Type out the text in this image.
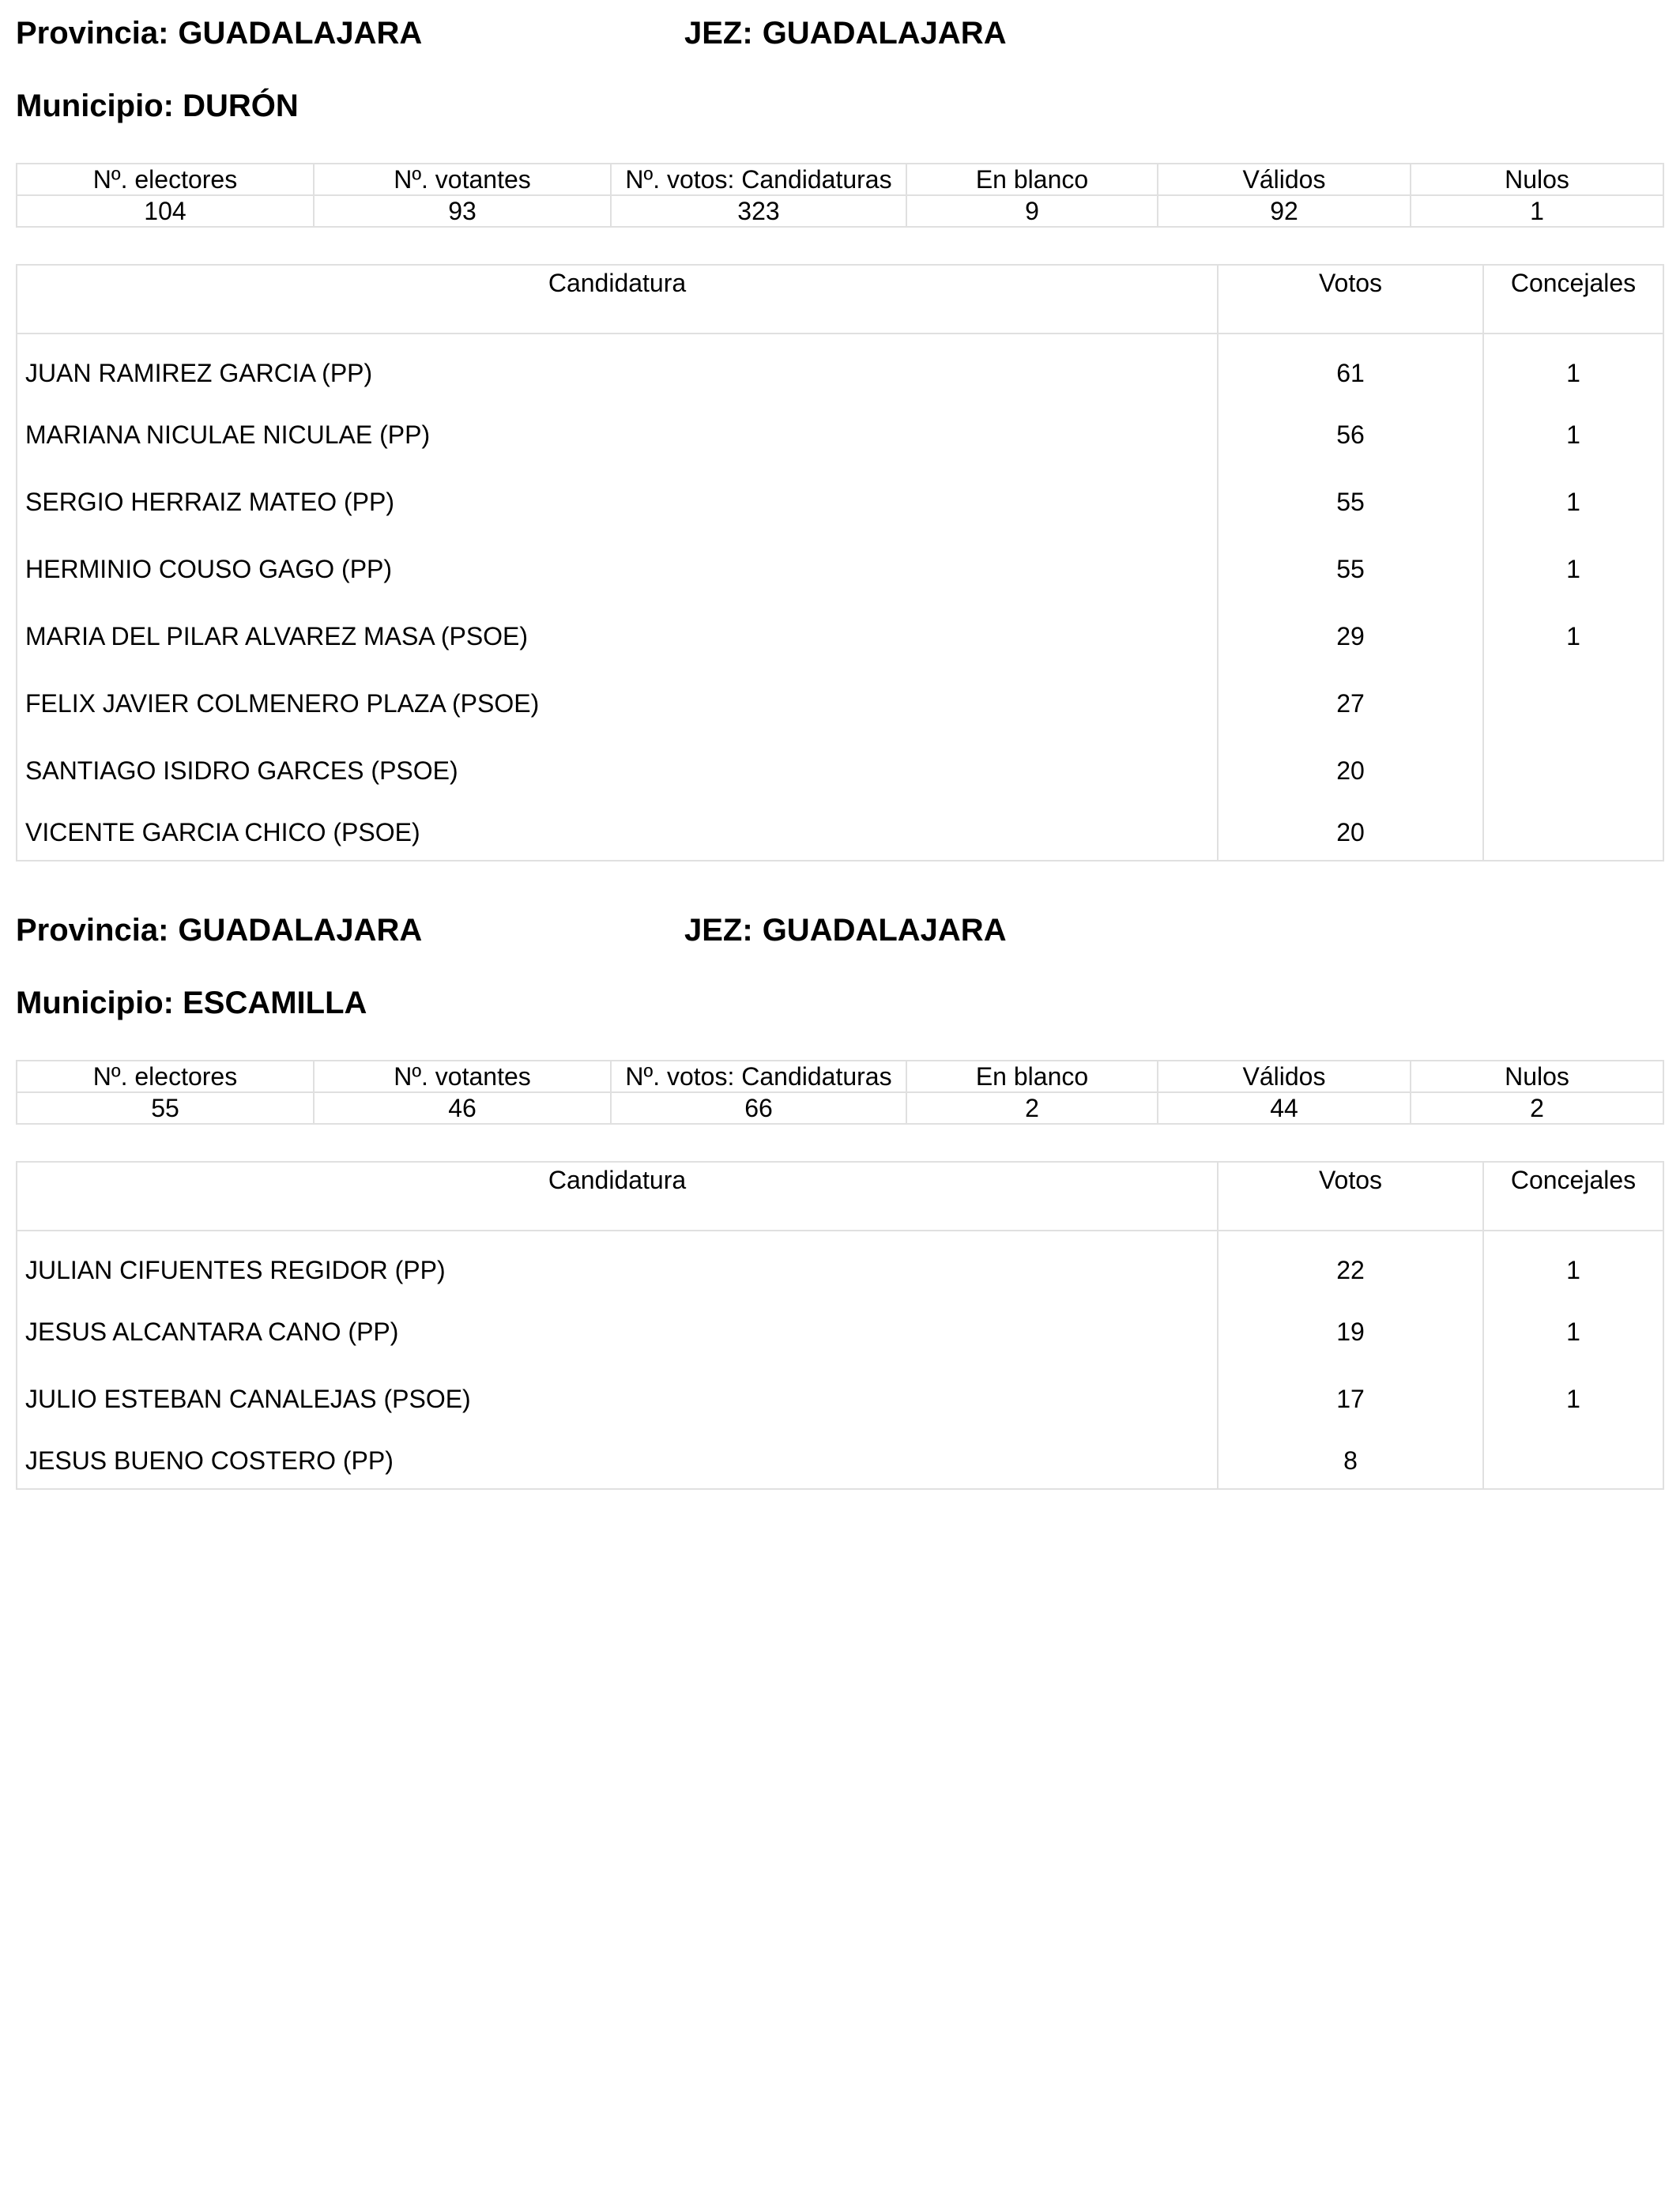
Provincia: GUADALAJARA	JEZ: GUADALAJARA
Municipio: DURÓN
Nº. electores	Nº. votantes	Nº. votos: Candidaturas	En blanco	Válidos	Nulos
104	93	323	9	92	1
Candidatura	Votos	Concejales
JUAN RAMIREZ GARCIA (PP)	61	1
MARIANA NICULAE NICULAE (PP)	56	1
SERGIO HERRAIZ MATEO (PP)	55	1
HERMINIO COUSO GAGO (PP)	55	1
MARIA DEL PILAR ALVAREZ MASA (PSOE)	29	1
FELIX JAVIER COLMENERO PLAZA (PSOE)	27	
SANTIAGO ISIDRO GARCES (PSOE)	20	
VICENTE GARCIA CHICO (PSOE)	20	
Provincia: GUADALAJARA	JEZ: GUADALAJARA
Municipio: ESCAMILLA
Nº. electores	Nº. votantes	Nº. votos: Candidaturas	En blanco	Válidos	Nulos
55	46	66	2	44	2
Candidatura	Votos	Concejales
JULIAN CIFUENTES REGIDOR (PP)	22	1
JESUS ALCANTARA CANO (PP)	19	1
JULIO ESTEBAN CANALEJAS (PSOE)	17	1
JESUS BUENO COSTERO (PP)	8	
